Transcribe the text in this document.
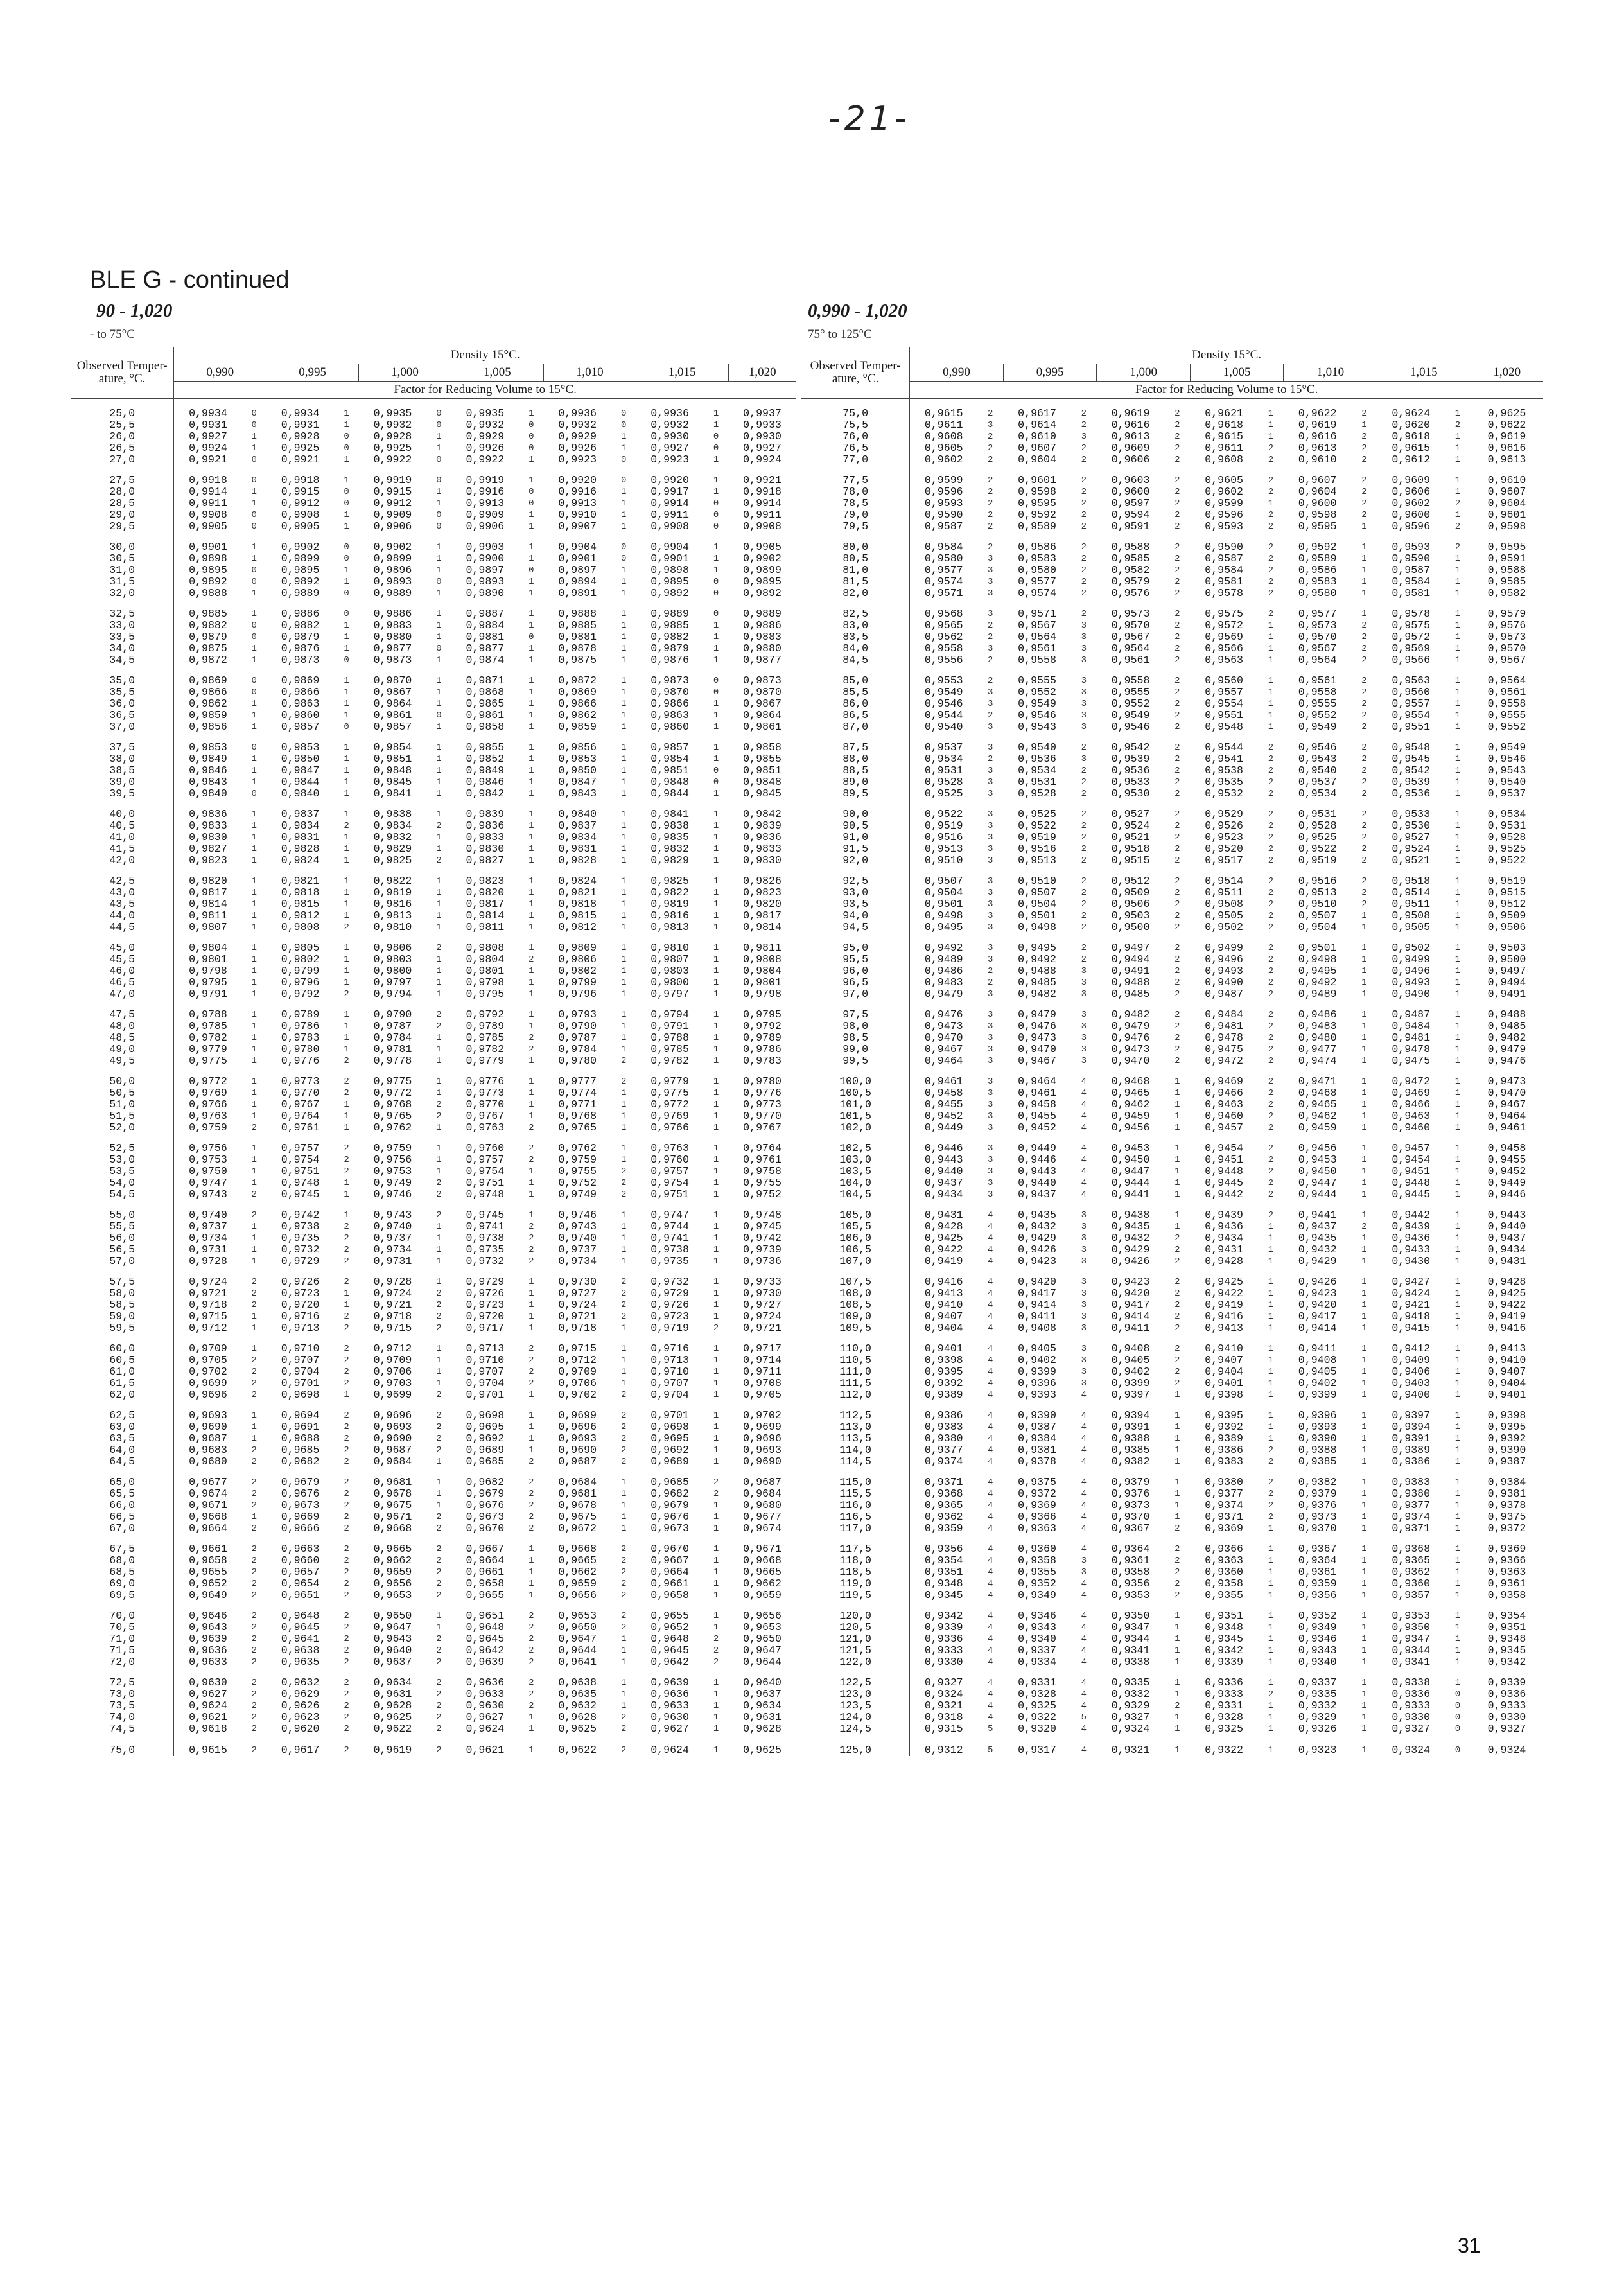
-21-
BLE G - continued
90 - 1,020
- to 75°C
0,990 - 1,020
75° to 125°C
Observed Temper- ature, °C.	Density 15°C.												
	0,990		0,995		1,000		1,005		1,010		1,015		1,020
	Factor for Reducing Volume to 15°C.												

25,0	0,9934	0	0,9934	1	0,9935	0	0,9935	1	0,9936	0	0,9936	1	0,9937
25,5	0,9931	0	0,9931	1	0,9932	0	0,9932	0	0,9932	0	0,9932	1	0,9933
26,0	0,9927	1	0,9928	0	0,9928	1	0,9929	0	0,9929	1	0,9930	0	0,9930
26,5	0,9924	1	0,9925	0	0,9925	1	0,9926	0	0,9926	1	0,9927	0	0,9927
27,0	0,9921	0	0,9921	1	0,9922	0	0,9922	1	0,9923	0	0,9923	1	0,9924

27,5	0,9918	0	0,9918	1	0,9919	0	0,9919	1	0,9920	0	0,9920	1	0,9921
28,0	0,9914	1	0,9915	0	0,9915	1	0,9916	0	0,9916	1	0,9917	1	0,9918
28,5	0,9911	1	0,9912	0	0,9912	1	0,9913	0	0,9913	1	0,9914	0	0,9914
29,0	0,9908	0	0,9908	1	0,9909	0	0,9909	1	0,9910	1	0,9911	0	0,9911
29,5	0,9905	0	0,9905	1	0,9906	0	0,9906	1	0,9907	1	0,9908	0	0,9908

30,0	0,9901	1	0,9902	0	0,9902	1	0,9903	1	0,9904	0	0,9904	1	0,9905
30,5	0,9898	1	0,9899	0	0,9899	1	0,9900	1	0,9901	0	0,9901	1	0,9902
31,0	0,9895	0	0,9895	1	0,9896	1	0,9897	0	0,9897	1	0,9898	1	0,9899
31,5	0,9892	0	0,9892	1	0,9893	0	0,9893	1	0,9894	1	0,9895	0	0,9895
32,0	0,9888	1	0,9889	0	0,9889	1	0,9890	1	0,9891	1	0,9892	0	0,9892

32,5	0,9885	1	0,9886	0	0,9886	1	0,9887	1	0,9888	1	0,9889	0	0,9889
33,0	0,9882	0	0,9882	1	0,9883	1	0,9884	1	0,9885	1	0,9885	1	0,9886
33,5	0,9879	0	0,9879	1	0,9880	1	0,9881	0	0,9881	1	0,9882	1	0,9883
34,0	0,9875	1	0,9876	1	0,9877	0	0,9877	1	0,9878	1	0,9879	1	0,9880
34,5	0,9872	1	0,9873	0	0,9873	1	0,9874	1	0,9875	1	0,9876	1	0,9877

35,0	0,9869	0	0,9869	1	0,9870	1	0,9871	1	0,9872	1	0,9873	0	0,9873
35,5	0,9866	0	0,9866	1	0,9867	1	0,9868	1	0,9869	1	0,9870	0	0,9870
36,0	0,9862	1	0,9863	1	0,9864	1	0,9865	1	0,9866	1	0,9866	1	0,9867
36,5	0,9859	1	0,9860	1	0,9861	0	0,9861	1	0,9862	1	0,9863	1	0,9864
37,0	0,9856	1	0,9857	0	0,9857	1	0,9858	1	0,9859	1	0,9860	1	0,9861

37,5	0,9853	0	0,9853	1	0,9854	1	0,9855	1	0,9856	1	0,9857	1	0,9858
38,0	0,9849	1	0,9850	1	0,9851	1	0,9852	1	0,9853	1	0,9854	1	0,9855
38,5	0,9846	1	0,9847	1	0,9848	1	0,9849	1	0,9850	1	0,9851	0	0,9851
39,0	0,9843	1	0,9844	1	0,9845	1	0,9846	1	0,9847	1	0,9848	0	0,9848
39,5	0,9840	0	0,9840	1	0,9841	1	0,9842	1	0,9843	1	0,9844	1	0,9845

40,0	0,9836	1	0,9837	1	0,9838	1	0,9839	1	0,9840	1	0,9841	1	0,9842
40,5	0,9833	1	0,9834	2	0,9834	2	0,9836	1	0,9837	1	0,9838	1	0,9839
41,0	0,9830	1	0,9831	1	0,9832	1	0,9833	1	0,9834	1	0,9835	1	0,9836
41,5	0,9827	1	0,9828	1	0,9829	1	0,9830	1	0,9831	1	0,9832	1	0,9833
42,0	0,9823	1	0,9824	1	0,9825	2	0,9827	1	0,9828	1	0,9829	1	0,9830

42,5	0,9820	1	0,9821	1	0,9822	1	0,9823	1	0,9824	1	0,9825	1	0,9826
43,0	0,9817	1	0,9818	1	0,9819	1	0,9820	1	0,9821	1	0,9822	1	0,9823
43,5	0,9814	1	0,9815	1	0,9816	1	0,9817	1	0,9818	1	0,9819	1	0,9820
44,0	0,9811	1	0,9812	1	0,9813	1	0,9814	1	0,9815	1	0,9816	1	0,9817
44,5	0,9807	1	0,9808	2	0,9810	1	0,9811	1	0,9812	1	0,9813	1	0,9814

45,0	0,9804	1	0,9805	1	0,9806	2	0,9808	1	0,9809	1	0,9810	1	0,9811
45,5	0,9801	1	0,9802	1	0,9803	1	0,9804	2	0,9806	1	0,9807	1	0,9808
46,0	0,9798	1	0,9799	1	0,9800	1	0,9801	1	0,9802	1	0,9803	1	0,9804
46,5	0,9795	1	0,9796	1	0,9797	1	0,9798	1	0,9799	1	0,9800	1	0,9801
47,0	0,9791	1	0,9792	2	0,9794	1	0,9795	1	0,9796	1	0,9797	1	0,9798

47,5	0,9788	1	0,9789	1	0,9790	2	0,9792	1	0,9793	1	0,9794	1	0,9795
48,0	0,9785	1	0,9786	1	0,9787	2	0,9789	1	0,9790	1	0,9791	1	0,9792
48,5	0,9782	1	0,9783	1	0,9784	1	0,9785	2	0,9787	1	0,9788	1	0,9789
49,0	0,9779	1	0,9780	1	0,9781	1	0,9782	2	0,9784	1	0,9785	1	0,9786
49,5	0,9775	1	0,9776	2	0,9778	1	0,9779	1	0,9780	2	0,9782	1	0,9783

50,0	0,9772	1	0,9773	2	0,9775	1	0,9776	1	0,9777	2	0,9779	1	0,9780
50,5	0,9769	1	0,9770	2	0,9772	1	0,9773	1	0,9774	1	0,9775	1	0,9776
51,0	0,9766	1	0,9767	1	0,9768	2	0,9770	1	0,9771	1	0,9772	1	0,9773
51,5	0,9763	1	0,9764	1	0,9765	2	0,9767	1	0,9768	1	0,9769	1	0,9770
52,0	0,9759	2	0,9761	1	0,9762	1	0,9763	2	0,9765	1	0,9766	1	0,9767

52,5	0,9756	1	0,9757	2	0,9759	1	0,9760	2	0,9762	1	0,9763	1	0,9764
53,0	0,9753	1	0,9754	2	0,9756	1	0,9757	2	0,9759	1	0,9760	1	0,9761
53,5	0,9750	1	0,9751	2	0,9753	1	0,9754	1	0,9755	2	0,9757	1	0,9758
54,0	0,9747	1	0,9748	1	0,9749	2	0,9751	1	0,9752	2	0,9754	1	0,9755
54,5	0,9743	2	0,9745	1	0,9746	2	0,9748	1	0,9749	2	0,9751	1	0,9752

55,0	0,9740	2	0,9742	1	0,9743	2	0,9745	1	0,9746	1	0,9747	1	0,9748
55,5	0,9737	1	0,9738	2	0,9740	1	0,9741	2	0,9743	1	0,9744	1	0,9745
56,0	0,9734	1	0,9735	2	0,9737	1	0,9738	2	0,9740	1	0,9741	1	0,9742
56,5	0,9731	1	0,9732	2	0,9734	1	0,9735	2	0,9737	1	0,9738	1	0,9739
57,0	0,9728	1	0,9729	2	0,9731	1	0,9732	2	0,9734	1	0,9735	1	0,9736

57,5	0,9724	2	0,9726	2	0,9728	1	0,9729	1	0,9730	2	0,9732	1	0,9733
58,0	0,9721	2	0,9723	1	0,9724	2	0,9726	1	0,9727	2	0,9729	1	0,9730
58,5	0,9718	2	0,9720	1	0,9721	2	0,9723	1	0,9724	2	0,9726	1	0,9727
59,0	0,9715	1	0,9716	2	0,9718	2	0,9720	1	0,9721	2	0,9723	1	0,9724
59,5	0,9712	1	0,9713	2	0,9715	2	0,9717	1	0,9718	1	0,9719	2	0,9721

60,0	0,9709	1	0,9710	2	0,9712	1	0,9713	2	0,9715	1	0,9716	1	0,9717
60,5	0,9705	2	0,9707	2	0,9709	1	0,9710	2	0,9712	1	0,9713	1	0,9714
61,0	0,9702	2	0,9704	2	0,9706	1	0,9707	2	0,9709	1	0,9710	1	0,9711
61,5	0,9699	2	0,9701	2	0,9703	1	0,9704	2	0,9706	1	0,9707	1	0,9708
62,0	0,9696	2	0,9698	1	0,9699	2	0,9701	1	0,9702	2	0,9704	1	0,9705

62,5	0,9693	1	0,9694	2	0,9696	2	0,9698	1	0,9699	2	0,9701	1	0,9702
63,0	0,9690	1	0,9691	2	0,9693	2	0,9695	1	0,9696	2	0,9698	1	0,9699
63,5	0,9687	1	0,9688	2	0,9690	2	0,9692	1	0,9693	2	0,9695	1	0,9696
64,0	0,9683	2	0,9685	2	0,9687	2	0,9689	1	0,9690	2	0,9692	1	0,9693
64,5	0,9680	2	0,9682	2	0,9684	1	0,9685	2	0,9687	2	0,9689	1	0,9690

65,0	0,9677	2	0,9679	2	0,9681	1	0,9682	2	0,9684	1	0,9685	2	0,9687
65,5	0,9674	2	0,9676	2	0,9678	1	0,9679	2	0,9681	1	0,9682	2	0,9684
66,0	0,9671	2	0,9673	2	0,9675	1	0,9676	2	0,9678	1	0,9679	1	0,9680
66,5	0,9668	1	0,9669	2	0,9671	2	0,9673	2	0,9675	1	0,9676	1	0,9677
67,0	0,9664	2	0,9666	2	0,9668	2	0,9670	2	0,9672	1	0,9673	1	0,9674

67,5	0,9661	2	0,9663	2	0,9665	2	0,9667	1	0,9668	2	0,9670	1	0,9671
68,0	0,9658	2	0,9660	2	0,9662	2	0,9664	1	0,9665	2	0,9667	1	0,9668
68,5	0,9655	2	0,9657	2	0,9659	2	0,9661	1	0,9662	2	0,9664	1	0,9665
69,0	0,9652	2	0,9654	2	0,9656	2	0,9658	1	0,9659	2	0,9661	1	0,9662
69,5	0,9649	2	0,9651	2	0,9653	2	0,9655	1	0,9656	2	0,9658	1	0,9659

70,0	0,9646	2	0,9648	2	0,9650	1	0,9651	2	0,9653	2	0,9655	1	0,9656
70,5	0,9643	2	0,9645	2	0,9647	1	0,9648	2	0,9650	2	0,9652	1	0,9653
71,0	0,9639	2	0,9641	2	0,9643	2	0,9645	2	0,9647	1	0,9648	2	0,9650
71,5	0,9636	2	0,9638	2	0,9640	2	0,9642	2	0,9644	1	0,9645	2	0,9647
72,0	0,9633	2	0,9635	2	0,9637	2	0,9639	2	0,9641	1	0,9642	2	0,9644

72,5	0,9630	2	0,9632	2	0,9634	2	0,9636	2	0,9638	1	0,9639	1	0,9640
73,0	0,9627	2	0,9629	2	0,9631	2	0,9633	2	0,9635	1	0,9636	1	0,9637
73,5	0,9624	2	0,9626	2	0,9628	2	0,9630	2	0,9632	1	0,9633	1	0,9634
74,0	0,9621	2	0,9623	2	0,9625	2	0,9627	1	0,9628	2	0,9630	1	0,9631
74,5	0,9618	2	0,9620	2	0,9622	2	0,9624	1	0,9625	2	0,9627	1	0,9628

75,0	0,9615	2	0,9617	2	0,9619	2	0,9621	1	0,9622	2	0,9624	1	0,9625
Observed Temper- ature, °C.	Density 15°C.												
	0,990		0,995		1,000		1,005		1,010		1,015		1,020
	Factor for Reducing Volume to 15°C.												

75,0	0,9615	2	0,9617	2	0,9619	2	0,9621	1	0,9622	2	0,9624	1	0,9625
75,5	0,9611	3	0,9614	2	0,9616	2	0,9618	1	0,9619	1	0,9620	2	0,9622
76,0	0,9608	2	0,9610	3	0,9613	2	0,9615	1	0,9616	2	0,9618	1	0,9619
76,5	0,9605	2	0,9607	2	0,9609	2	0,9611	2	0,9613	2	0,9615	1	0,9616
77,0	0,9602	2	0,9604	2	0,9606	2	0,9608	2	0,9610	2	0,9612	1	0,9613

77,5	0,9599	2	0,9601	2	0,9603	2	0,9605	2	0,9607	2	0,9609	1	0,9610
78,0	0,9596	2	0,9598	2	0,9600	2	0,9602	2	0,9604	2	0,9606	1	0,9607
78,5	0,9593	2	0,9595	2	0,9597	2	0,9599	1	0,9600	2	0,9602	2	0,9604
79,0	0,9590	2	0,9592	2	0,9594	2	0,9596	2	0,9598	2	0,9600	1	0,9601
79,5	0,9587	2	0,9589	2	0,9591	2	0,9593	2	0,9595	1	0,9596	2	0,9598

80,0	0,9584	2	0,9586	2	0,9588	2	0,9590	2	0,9592	1	0,9593	2	0,9595
80,5	0,9580	3	0,9583	2	0,9585	2	0,9587	2	0,9589	1	0,9590	1	0,9591
81,0	0,9577	3	0,9580	2	0,9582	2	0,9584	2	0,9586	1	0,9587	1	0,9588
81,5	0,9574	3	0,9577	2	0,9579	2	0,9581	2	0,9583	1	0,9584	1	0,9585
82,0	0,9571	3	0,9574	2	0,9576	2	0,9578	2	0,9580	1	0,9581	1	0,9582

82,5	0,9568	3	0,9571	2	0,9573	2	0,9575	2	0,9577	1	0,9578	1	0,9579
83,0	0,9565	2	0,9567	3	0,9570	2	0,9572	1	0,9573	2	0,9575	1	0,9576
83,5	0,9562	2	0,9564	3	0,9567	2	0,9569	1	0,9570	2	0,9572	1	0,9573
84,0	0,9558	3	0,9561	3	0,9564	2	0,9566	1	0,9567	2	0,9569	1	0,9570
84,5	0,9556	2	0,9558	3	0,9561	2	0,9563	1	0,9564	2	0,9566	1	0,9567

85,0	0,9553	2	0,9555	3	0,9558	2	0,9560	1	0,9561	2	0,9563	1	0,9564
85,5	0,9549	3	0,9552	3	0,9555	2	0,9557	1	0,9558	2	0,9560	1	0,9561
86,0	0,9546	3	0,9549	3	0,9552	2	0,9554	1	0,9555	2	0,9557	1	0,9558
86,5	0,9544	2	0,9546	3	0,9549	2	0,9551	1	0,9552	2	0,9554	1	0,9555
87,0	0,9540	3	0,9543	3	0,9546	2	0,9548	1	0,9549	2	0,9551	1	0,9552

87,5	0,9537	3	0,9540	2	0,9542	2	0,9544	2	0,9546	2	0,9548	1	0,9549
88,0	0,9534	2	0,9536	3	0,9539	2	0,9541	2	0,9543	2	0,9545	1	0,9546
88,5	0,9531	3	0,9534	2	0,9536	2	0,9538	2	0,9540	2	0,9542	1	0,9543
89,0	0,9528	3	0,9531	2	0,9533	2	0,9535	2	0,9537	2	0,9539	1	0,9540
89,5	0,9525	3	0,9528	2	0,9530	2	0,9532	2	0,9534	2	0,9536	1	0,9537

90,0	0,9522	3	0,9525	2	0,9527	2	0,9529	2	0,9531	2	0,9533	1	0,9534
90,5	0,9519	3	0,9522	2	0,9524	2	0,9526	2	0,9528	2	0,9530	1	0,9531
91,0	0,9516	3	0,9519	2	0,9521	2	0,9523	2	0,9525	2	0,9527	1	0,9528
91,5	0,9513	3	0,9516	2	0,9518	2	0,9520	2	0,9522	2	0,9524	1	0,9525
92,0	0,9510	3	0,9513	2	0,9515	2	0,9517	2	0,9519	2	0,9521	1	0,9522

92,5	0,9507	3	0,9510	2	0,9512	2	0,9514	2	0,9516	2	0,9518	1	0,9519
93,0	0,9504	3	0,9507	2	0,9509	2	0,9511	2	0,9513	2	0,9514	1	0,9515
93,5	0,9501	3	0,9504	2	0,9506	2	0,9508	2	0,9510	2	0,9511	1	0,9512
94,0	0,9498	3	0,9501	2	0,9503	2	0,9505	2	0,9507	1	0,9508	1	0,9509
94,5	0,9495	3	0,9498	2	0,9500	2	0,9502	2	0,9504	1	0,9505	1	0,9506

95,0	0,9492	3	0,9495	2	0,9497	2	0,9499	2	0,9501	1	0,9502	1	0,9503
95,5	0,9489	3	0,9492	2	0,9494	2	0,9496	2	0,9498	1	0,9499	1	0,9500
96,0	0,9486	2	0,9488	3	0,9491	2	0,9493	2	0,9495	1	0,9496	1	0,9497
96,5	0,9483	2	0,9485	3	0,9488	2	0,9490	2	0,9492	1	0,9493	1	0,9494
97,0	0,9479	3	0,9482	3	0,9485	2	0,9487	2	0,9489	1	0,9490	1	0,9491

97,5	0,9476	3	0,9479	3	0,9482	2	0,9484	2	0,9486	1	0,9487	1	0,9488
98,0	0,9473	3	0,9476	3	0,9479	2	0,9481	2	0,9483	1	0,9484	1	0,9485
98,5	0,9470	3	0,9473	3	0,9476	2	0,9478	2	0,9480	1	0,9481	1	0,9482
99,0	0,9467	3	0,9470	3	0,9473	2	0,9475	2	0,9477	1	0,9478	1	0,9479
99,5	0,9464	3	0,9467	3	0,9470	2	0,9472	2	0,9474	1	0,9475	1	0,9476

100,0	0,9461	3	0,9464	4	0,9468	1	0,9469	2	0,9471	1	0,9472	1	0,9473
100,5	0,9458	3	0,9461	4	0,9465	1	0,9466	2	0,9468	1	0,9469	1	0,9470
101,0	0,9455	3	0,9458	4	0,9462	1	0,9463	2	0,9465	1	0,9466	1	0,9467
101,5	0,9452	3	0,9455	4	0,9459	1	0,9460	2	0,9462	1	0,9463	1	0,9464
102,0	0,9449	3	0,9452	4	0,9456	1	0,9457	2	0,9459	1	0,9460	1	0,9461

102,5	0,9446	3	0,9449	4	0,9453	1	0,9454	2	0,9456	1	0,9457	1	0,9458
103,0	0,9443	3	0,9446	4	0,9450	1	0,9451	2	0,9453	1	0,9454	1	0,9455
103,5	0,9440	3	0,9443	4	0,9447	1	0,9448	2	0,9450	1	0,9451	1	0,9452
104,0	0,9437	3	0,9440	4	0,9444	1	0,9445	2	0,9447	1	0,9448	1	0,9449
104,5	0,9434	3	0,9437	4	0,9441	1	0,9442	2	0,9444	1	0,9445	1	0,9446

105,0	0,9431	4	0,9435	3	0,9438	1	0,9439	2	0,9441	1	0,9442	1	0,9443
105,5	0,9428	4	0,9432	3	0,9435	1	0,9436	1	0,9437	2	0,9439	1	0,9440
106,0	0,9425	4	0,9429	3	0,9432	2	0,9434	1	0,9435	1	0,9436	1	0,9437
106,5	0,9422	4	0,9426	3	0,9429	2	0,9431	1	0,9432	1	0,9433	1	0,9434
107,0	0,9419	4	0,9423	3	0,9426	2	0,9428	1	0,9429	1	0,9430	1	0,9431

107,5	0,9416	4	0,9420	3	0,9423	2	0,9425	1	0,9426	1	0,9427	1	0,9428
108,0	0,9413	4	0,9417	3	0,9420	2	0,9422	1	0,9423	1	0,9424	1	0,9425
108,5	0,9410	4	0,9414	3	0,9417	2	0,9419	1	0,9420	1	0,9421	1	0,9422
109,0	0,9407	4	0,9411	3	0,9414	2	0,9416	1	0,9417	1	0,9418	1	0,9419
109,5	0,9404	4	0,9408	3	0,9411	2	0,9413	1	0,9414	1	0,9415	1	0,9416

110,0	0,9401	4	0,9405	3	0,9408	2	0,9410	1	0,9411	1	0,9412	1	0,9413
110,5	0,9398	4	0,9402	3	0,9405	2	0,9407	1	0,9408	1	0,9409	1	0,9410
111,0	0,9395	4	0,9399	3	0,9402	2	0,9404	1	0,9405	1	0,9406	1	0,9407
111,5	0,9392	4	0,9396	3	0,9399	2	0,9401	1	0,9402	1	0,9403	1	0,9404
112,0	0,9389	4	0,9393	4	0,9397	1	0,9398	1	0,9399	1	0,9400	1	0,9401

112,5	0,9386	4	0,9390	4	0,9394	1	0,9395	1	0,9396	1	0,9397	1	0,9398
113,0	0,9383	4	0,9387	4	0,9391	1	0,9392	1	0,9393	1	0,9394	1	0,9395
113,5	0,9380	4	0,9384	4	0,9388	1	0,9389	1	0,9390	1	0,9391	1	0,9392
114,0	0,9377	4	0,9381	4	0,9385	1	0,9386	2	0,9388	1	0,9389	1	0,9390
114,5	0,9374	4	0,9378	4	0,9382	1	0,9383	2	0,9385	1	0,9386	1	0,9387

115,0	0,9371	4	0,9375	4	0,9379	1	0,9380	2	0,9382	1	0,9383	1	0,9384
115,5	0,9368	4	0,9372	4	0,9376	1	0,9377	2	0,9379	1	0,9380	1	0,9381
116,0	0,9365	4	0,9369	4	0,9373	1	0,9374	2	0,9376	1	0,9377	1	0,9378
116,5	0,9362	4	0,9366	4	0,9370	1	0,9371	2	0,9373	1	0,9374	1	0,9375
117,0	0,9359	4	0,9363	4	0,9367	2	0,9369	1	0,9370	1	0,9371	1	0,9372

117,5	0,9356	4	0,9360	4	0,9364	2	0,9366	1	0,9367	1	0,9368	1	0,9369
118,0	0,9354	4	0,9358	3	0,9361	2	0,9363	1	0,9364	1	0,9365	1	0,9366
118,5	0,9351	4	0,9355	3	0,9358	2	0,9360	1	0,9361	1	0,9362	1	0,9363
119,0	0,9348	4	0,9352	4	0,9356	2	0,9358	1	0,9359	1	0,9360	1	0,9361
119,5	0,9345	4	0,9349	4	0,9353	2	0,9355	1	0,9356	1	0,9357	1	0,9358

120,0	0,9342	4	0,9346	4	0,9350	1	0,9351	1	0,9352	1	0,9353	1	0,9354
120,5	0,9339	4	0,9343	4	0,9347	1	0,9348	1	0,9349	1	0,9350	1	0,9351
121,0	0,9336	4	0,9340	4	0,9344	1	0,9345	1	0,9346	1	0,9347	1	0,9348
121,5	0,9333	4	0,9337	4	0,9341	1	0,9342	1	0,9343	1	0,9344	1	0,9345
122,0	0,9330	4	0,9334	4	0,9338	1	0,9339	1	0,9340	1	0,9341	1	0,9342

122,5	0,9327	4	0,9331	4	0,9335	1	0,9336	1	0,9337	1	0,9338	1	0,9339
123,0	0,9324	4	0,9328	4	0,9332	1	0,9333	2	0,9335	1	0,9336	0	0,9336
123,5	0,9321	4	0,9325	4	0,9329	2	0,9331	1	0,9332	1	0,9333	0	0,9333
124,0	0,9318	4	0,9322	5	0,9327	1	0,9328	1	0,9329	1	0,9330	0	0,9330
124,5	0,9315	5	0,9320	4	0,9324	1	0,9325	1	0,9326	1	0,9327	0	0,9327

125,0	0,9312	5	0,9317	4	0,9321	1	0,9322	1	0,9323	1	0,9324	0	0,9324
31
